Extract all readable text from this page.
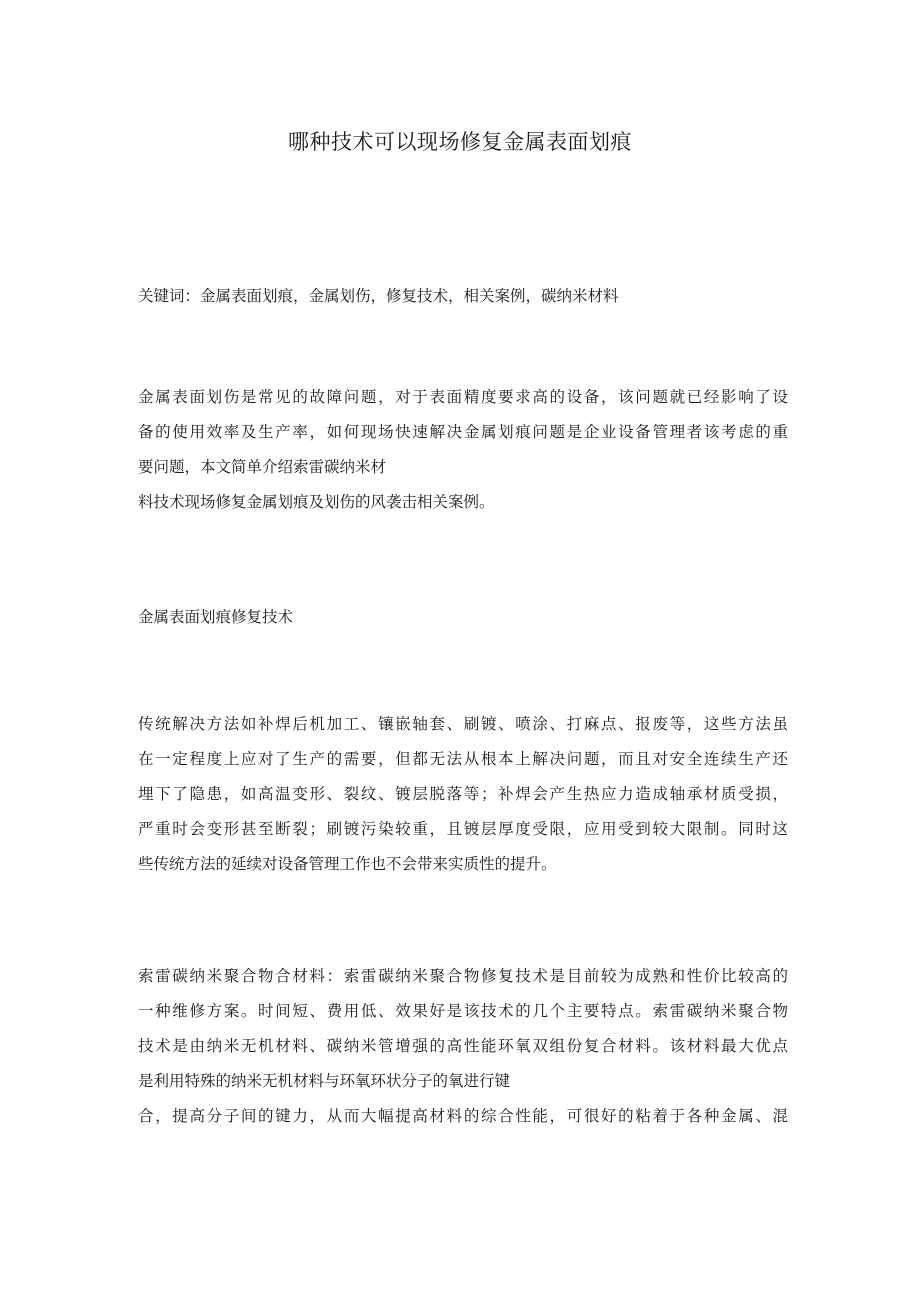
哪种技术可以现场修复金属表面划痕
关键词：金属表面划痕，金属划伤，修复技术，相关案例，碳纳米材料
金属表面划伤是常见的故障问题，对于表面精度要求高的设备，该问题就已经影响了设
备的使用效率及生产率，如何现场快速解决金属划痕问题是企业设备管理者该考虑的重
要问题，本文简单介绍索雷碳纳米材
料技术现场修复金属划痕及划伤的风袭击相关案例。
金属表面划痕修复技术
传统解决方法如补焊后机加工、镶嵌轴套、刷镀、喷涂、打麻点、报废等，这些方法虽
在一定程度上应对了生产的需要，但都无法从根本上解决问题，而且对安全连续生产还
埋下了隐患，如高温变形、裂纹、镀层脱落等；补焊会产生热应力造成轴承材质受损，
严重时会变形甚至断裂；刷镀污染较重，且镀层厚度受限，应用受到较大限制。同时这
些传统方法的延续对设备管理工作也不会带来实质性的提升。
索雷碳纳米聚合物合材料：索雷碳纳米聚合物修复技术是目前较为成熟和性价比较高的
一种维修方案。时间短、费用低、效果好是该技术的几个主要特点。索雷碳纳米聚合物
技术是由纳米无机材料、碳纳米管增强的高性能环氧双组份复合材料。该材料最大优点
是利用特殊的纳米无机材料与环氧环状分子的氧进行键
合，提高分子间的键力，从而大幅提高材料的综合性能，可很好的粘着于各种金属、混
